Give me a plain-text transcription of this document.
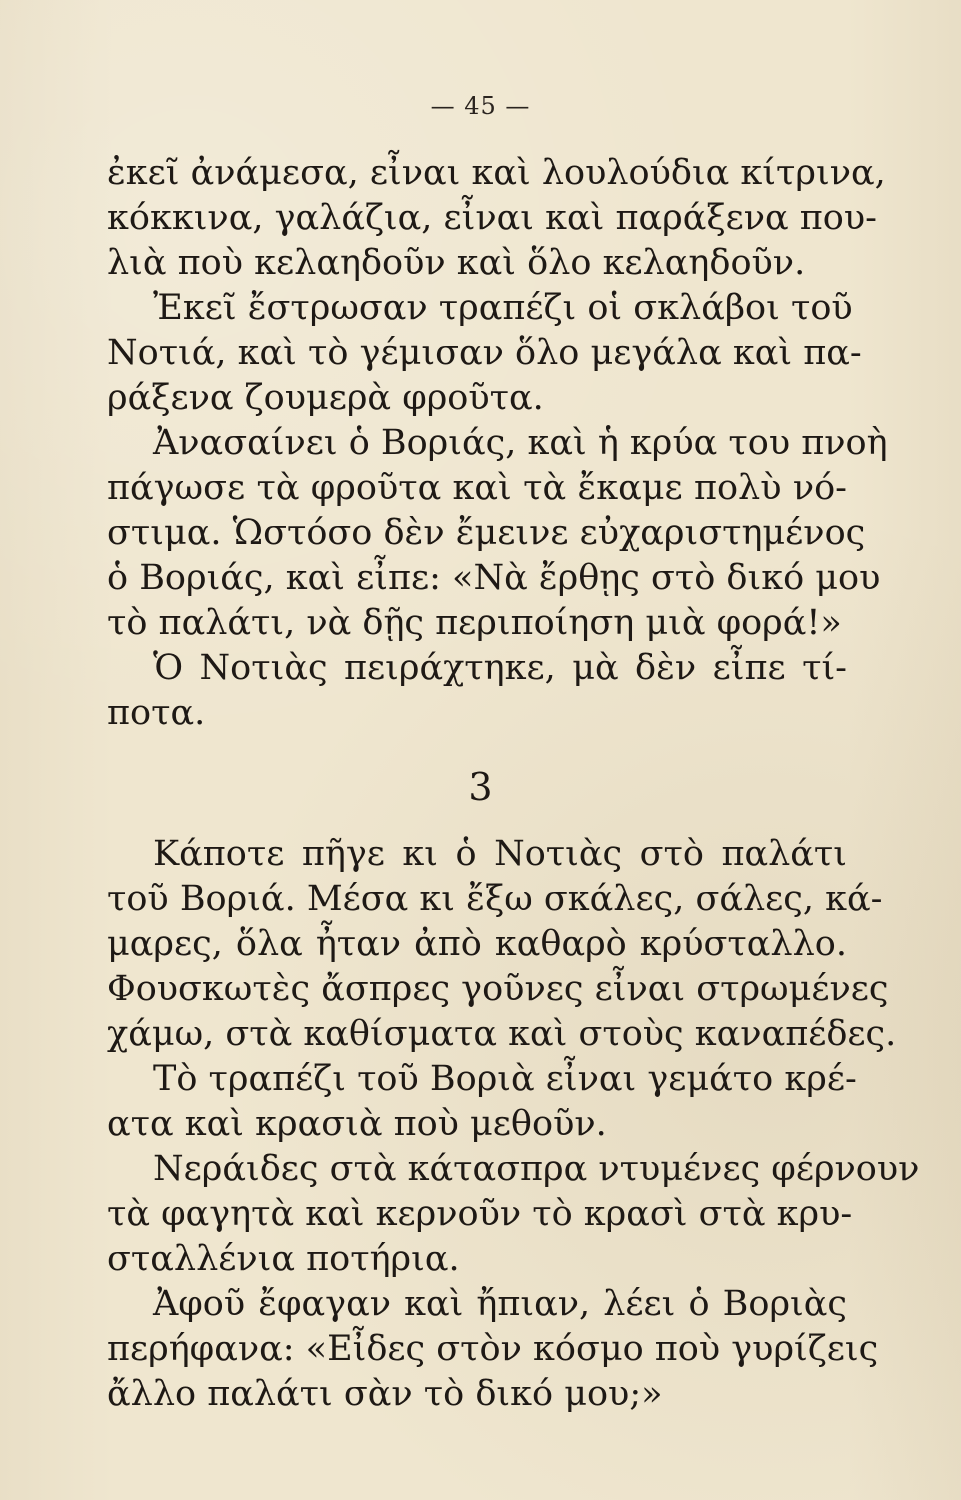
— 45 —
ἐκεῖ ἀνάμεσα, εἶναι καὶ λουλούδια κίτρινα,
κόκκινα, γαλάζια, εἶναι καὶ παράξενα που-
λιὰ ποὺ κελαηδοῦν καὶ ὅλο κελαηδοῦν.
Ἐκεῖ ἔστρωσαν τραπέζι οἱ σκλάβοι τοῦ
Νοτιά, καὶ τὸ γέμισαν ὅλο μεγάλα καὶ πα-
ράξενα ζουμερὰ φροῦτα.
Ἀνασαίνει ὁ Βοριάς, καὶ ἡ κρύα του πνοὴ
πάγωσε τὰ φροῦτα καὶ τὰ ἔκαμε πολὺ νό-
στιμα. Ὡστόσο δὲν ἔμεινε εὐχαριστημένος
ὁ Βοριάς, καὶ εἶπε: «Νὰ ἔρθῃς στὸ δικό μου
τὸ παλάτι, νὰ δῇς περιποίηση μιὰ φορά!»
Ὁ Νοτιὰς πειράχτηκε, μὰ δὲν εἶπε τί-
ποτα.
3
Κάποτε πῆγε κι ὁ Νοτιὰς στὸ παλάτι
τοῦ Βοριά. Μέσα κι ἔξω σκάλες, σάλες, κά-
μαρες, ὅλα ἦταν ἀπὸ καθαρὸ κρύσταλλο.
Φουσκωτὲς ἄσπρες γοῦνες εἶναι στρωμένες
χάμω, στὰ καθίσματα καὶ στοὺς καναπέδες.
Τὸ τραπέζι τοῦ Βοριὰ εἶναι γεμάτο κρέ-
ατα καὶ κρασιὰ ποὺ μεθοῦν.
Νεράιδες στὰ κάτασπρα ντυμένες φέρνουν
τὰ φαγητὰ καὶ κερνοῦν τὸ κρασὶ στὰ κρυ-
σταλλένια ποτήρια.
Ἀφοῦ ἔφαγαν καὶ ἤπιαν, λέει ὁ Βοριὰς
περήφανα: «Εἶδες στὸν κόσμο ποὺ γυρίζεις
ἄλλο παλάτι σὰν τὸ δικό μου;»
